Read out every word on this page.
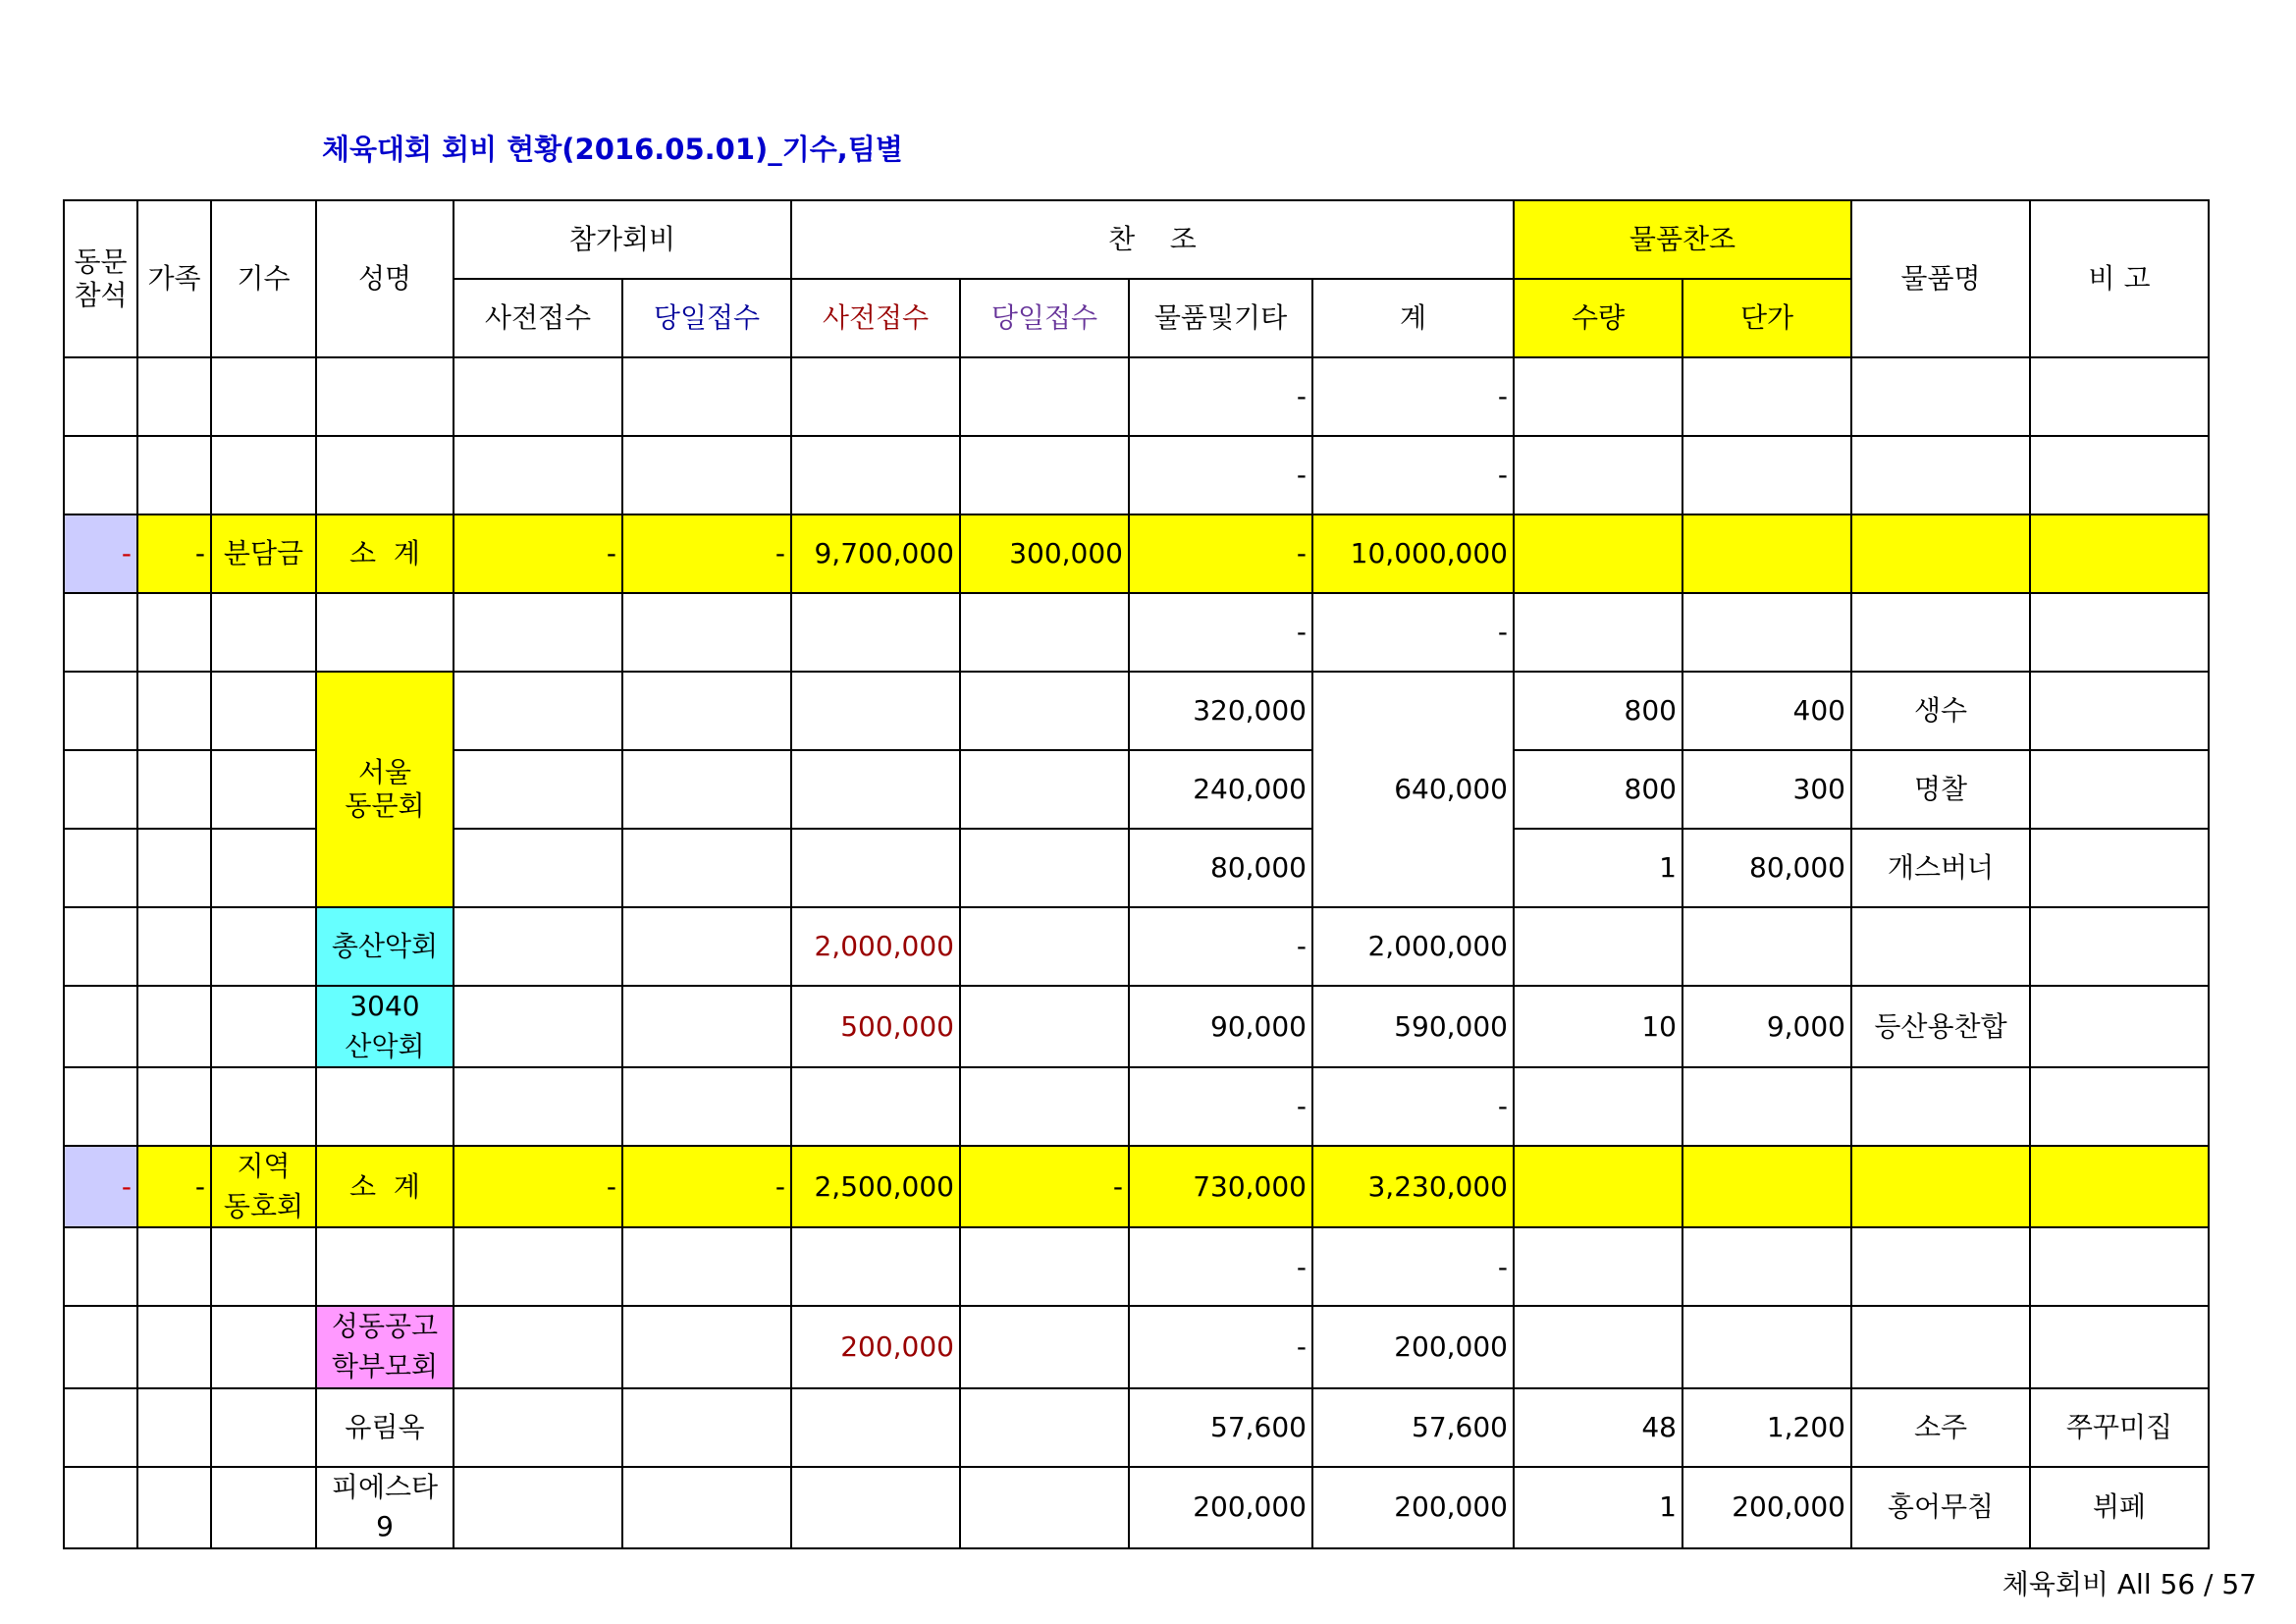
체육대회 회비 현황(2016.05.01)_기수,팀별
동문
참석	가족	기수	성명	참가회비		찬    조				물품찬조		물품명	비 고
				사전접수	당일접수	사전접수	당일접수	물품및기타	계	수량	단가		
								-	-				
								-	-				
-	-	분담금	소  계	-	-	9,700,000	300,000	-	10,000,000				
								-	-				
			서울
동문회					320,000	640,000	800	400	생수	
								240,000		800	300	명찰	
								80,000		1	80,000	개스버너	
			총산악회			2,000,000		-	2,000,000				
			3040
산악회			500,000		90,000	590,000	10	9,000	등산용찬합	
								-	-				
-	-	지역
동호회	소  계	-	-	2,500,000	-	730,000	3,230,000				
								-	-				
			성동공고
학부모회			200,000		-	200,000				
			유림옥					57,600	57,600	48	1,200	소주	쭈꾸미집
			피에스타
9					200,000	200,000	1	200,000	홍어무침	뷔페
체육회비 All 56 / 57
